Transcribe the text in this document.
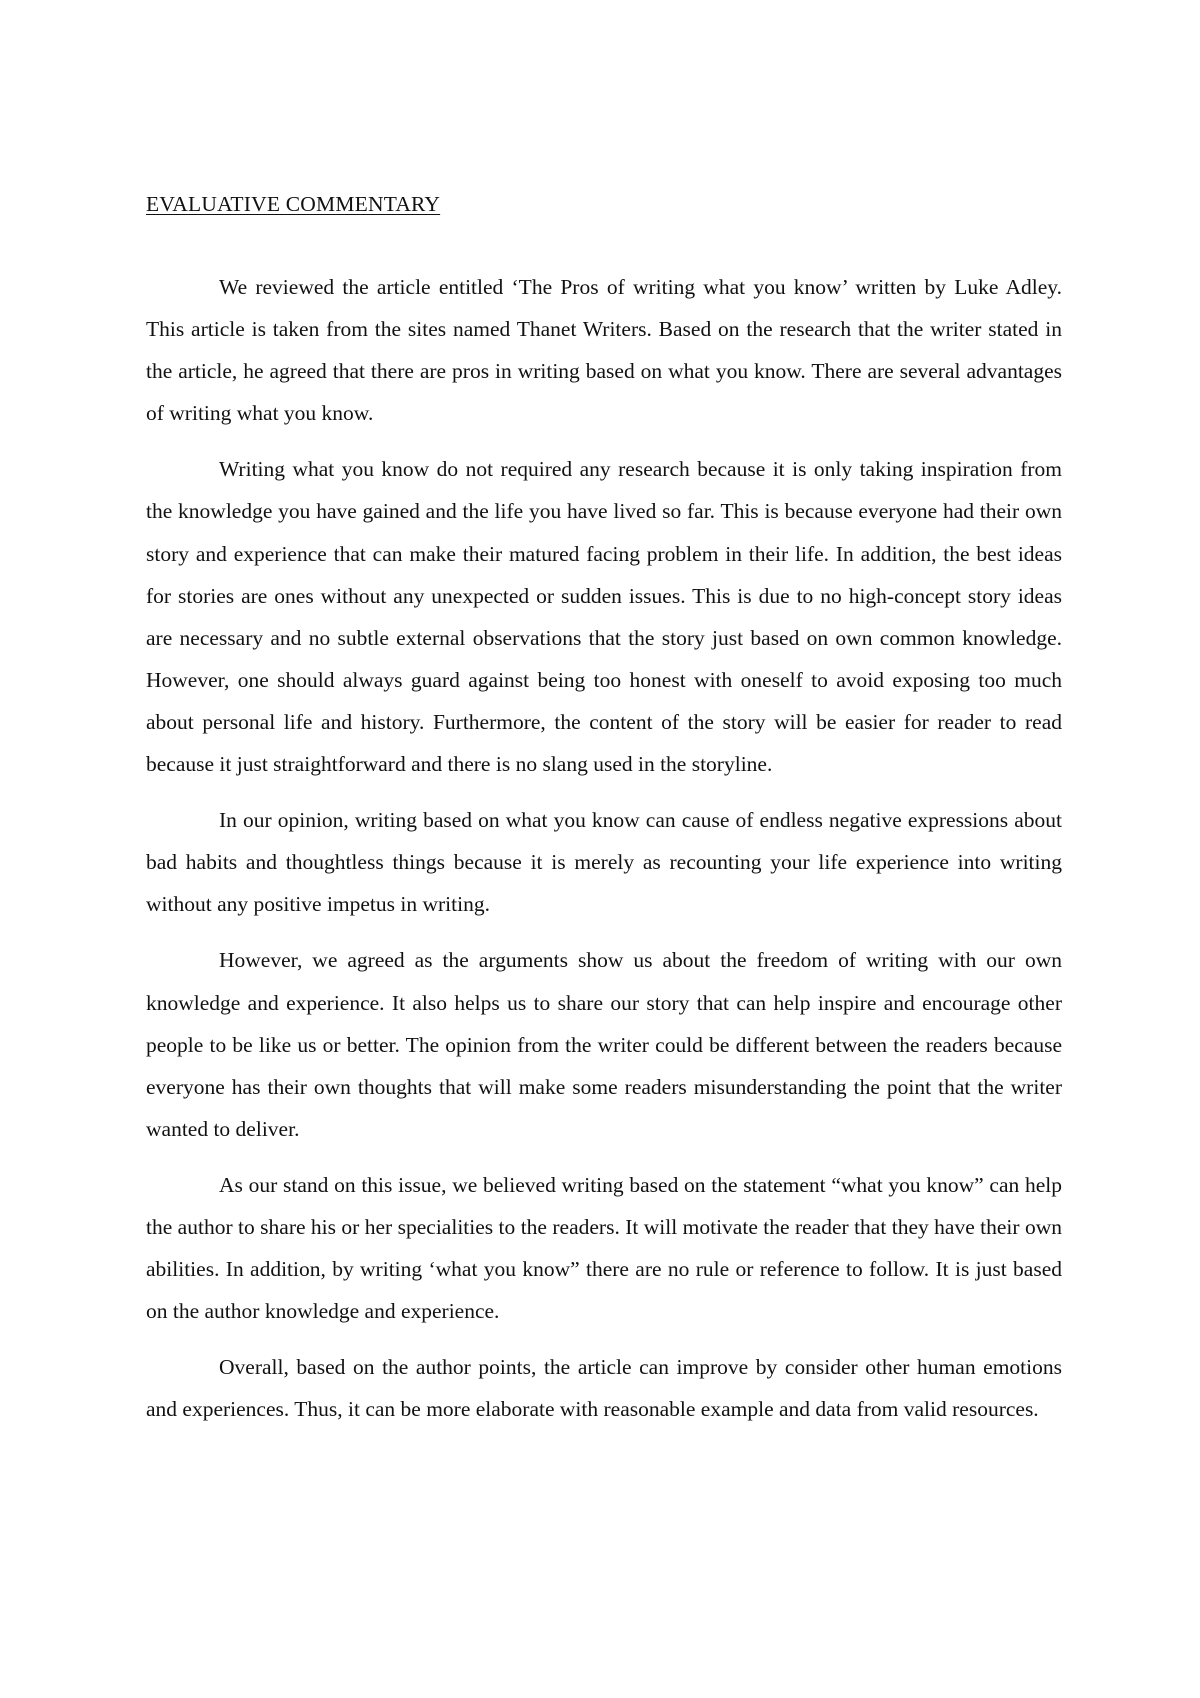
EVALUATIVE COMMENTARY

We reviewed the article entitled ‘The Pros of writing what you know’ written by Luke Adley. This article is taken from the sites named Thanet Writers. Based on the research that the writer stated in the article, he agreed that there are pros in writing based on what you know. There are several advantages of writing what you know.

Writing what you know do not required any research because it is only taking inspiration from the knowledge you have gained and the life you have lived so far. This is because everyone had their own story and experience that can make their matured facing problem in their life. In addition, the best ideas for stories are ones without any unexpected or sudden issues. This is due to no high-concept story ideas are necessary and no subtle external observations that the story just based on own common knowledge. However, one should always guard against being too honest with oneself to avoid exposing too much about personal life and history. Furthermore, the content of the story will be easier for reader to read because it just straightforward and there is no slang used in the storyline.

In our opinion, writing based on what you know can cause of endless negative expressions about bad habits and thoughtless things because it is merely as recounting your life experience into writing without any positive impetus in writing.

However, we agreed as the arguments show us about the freedom of writing with our own knowledge and experience. It also helps us to share our story that can help inspire and encourage other people to be like us or better. The opinion from the writer could be different between the readers because everyone has their own thoughts that will make some readers misunderstanding the point that the writer wanted to deliver.

As our stand on this issue, we believed writing based on the statement “what you know” can help the author to share his or her specialities to the readers. It will motivate the reader that they have their own abilities. In addition, by writing ‘what you know” there are no rule or reference to follow. It is just based on the author knowledge and experience.

Overall, based on the author points, the article can improve by consider other human emotions and experiences. Thus, it can be more elaborate with reasonable example and data from valid resources.
